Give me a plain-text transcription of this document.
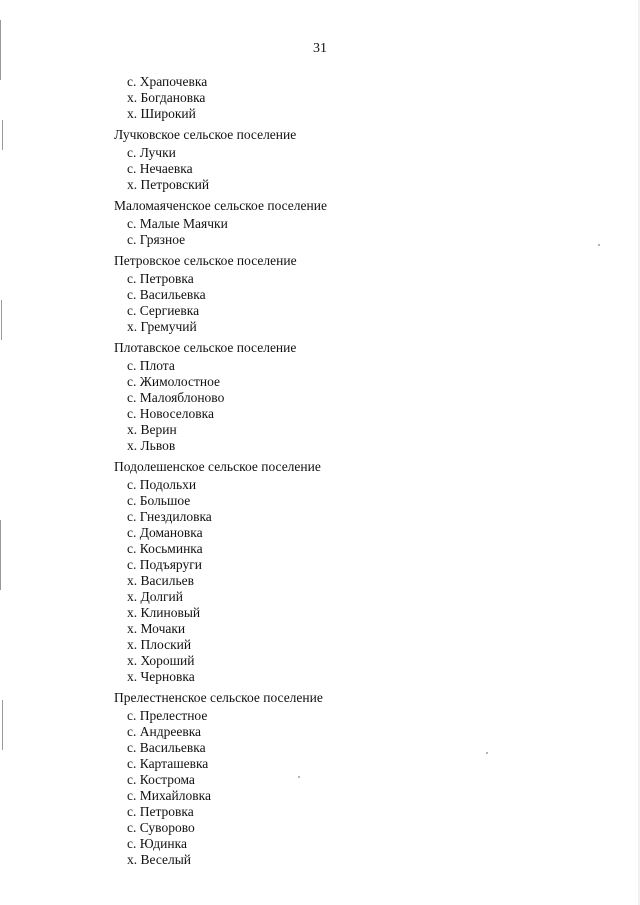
31
с. Храпочевка
х. Богдановка
х. Широкий
Лучковское сельское поселение
с. Лучки
с. Нечаевка
х. Петровский
Маломаяченское сельское поселение
с. Малые Маячки
с. Грязное
Петровское сельское поселение
с. Петровка
с. Васильевка
с. Сергиевка
х. Гремучий
Плотавское сельское поселение
с. Плота
с. Жимолостное
с. Малояблоново
с. Новоселовка
х. Верин
х. Львов
Подолешенское сельское поселение
с. Подольхи
с. Большое
с. Гнездиловка
с. Домановка
с. Косьминка
с. Подъяруги
х. Васильев
х. Долгий
х. Клиновый
х. Мочаки
х. Плоский
х. Хороший
х. Черновка
Прелестненское сельское поселение
с. Прелестное
с. Андреевка
с. Васильевка
с. Карташевка
с. Кострома
с. Михайловка
с. Петровка
с. Суворово
с. Юдинка
х. Веселый
